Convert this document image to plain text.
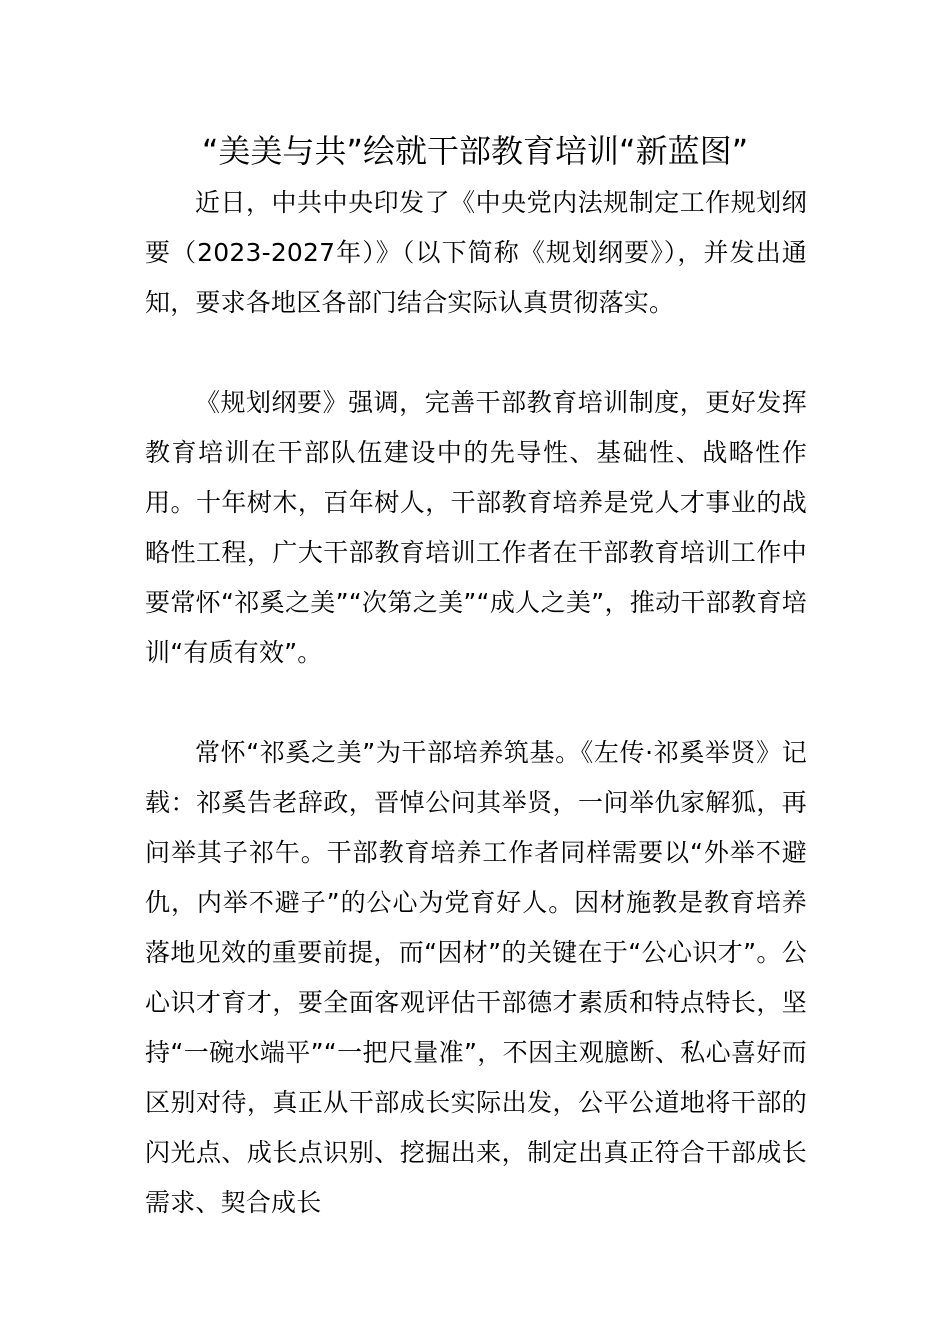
“美美与共”绘就干部教育培训“新蓝图”

近日，中共中央印发了《中央党内法规制定工作规划纲要（2023-2027年）》（以下简称《规划纲要》），并发出通知，要求各地区各部门结合实际认真贯彻落实。

《规划纲要》强调，完善干部教育培训制度，更好发挥教育培训在干部队伍建设中的先导性、基础性、战略性作用。十年树木，百年树人，干部教育培养是党人才事业的战略性工程，广大干部教育培训工作者在干部教育培训工作中要常怀“祁奚之美”“次第之美”“成人之美”，推动干部教育培训“有质有效”。

常怀“祁奚之美”为干部培养筑基。《左传·祁奚举贤》记载：祁奚告老辞政，晋悼公问其举贤，一问举仇家解狐，再问举其子祁午。干部教育培养工作者同样需要以“外举不避仇，内举不避子”的公心为党育好人。因材施教是教育培养落地见效的重要前提，而“因材”的关键在于“公心识才”。公心识才育才，要全面客观评估干部德才素质和特点特长，坚持“一碗水端平”“一把尺量准”，不因主观臆断、私心喜好而区别对待，真正从干部成长实际出发，公平公道地将干部的闪光点、成长点识别、挖掘出来，制定出真正符合干部成长需求、契合成长
